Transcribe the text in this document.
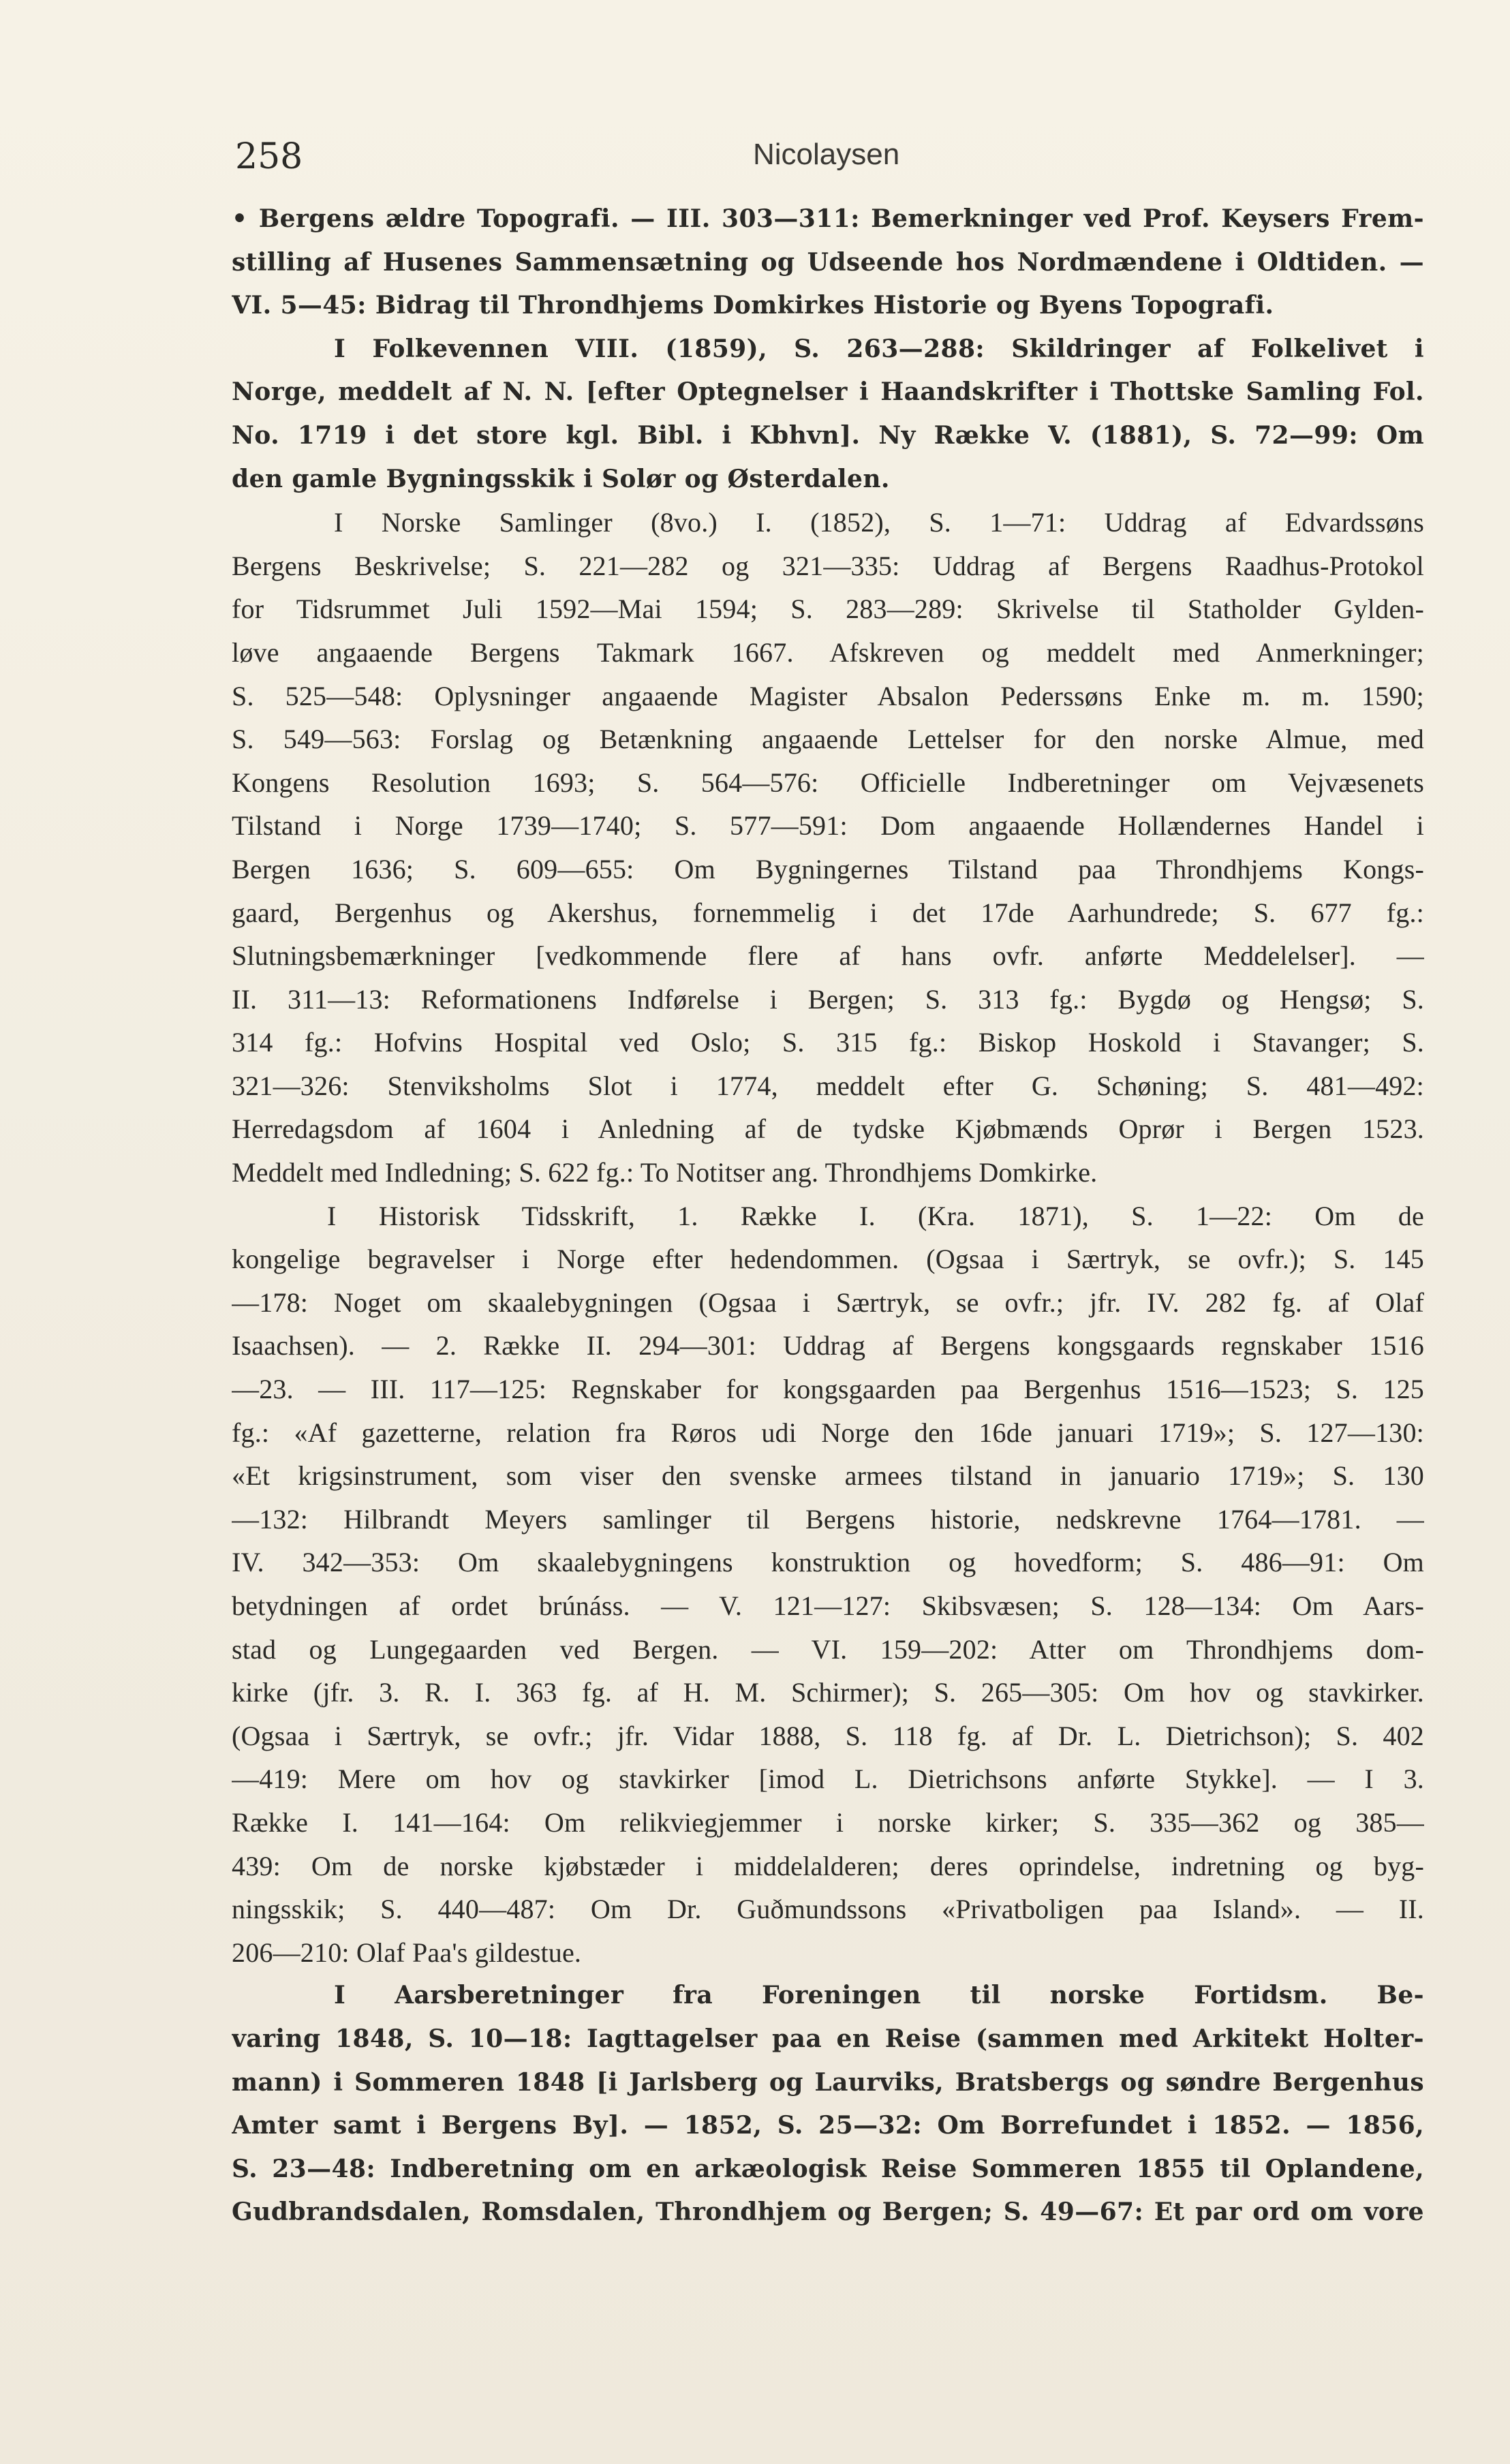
258	Nicolaysen
• Bergens ældre Topografi. — III. 303—311: Bemerkninger ved Prof. Keysers Frem-
stilling af Husenes Sammensætning og Udseende hos Nordmændene i Oldtiden. —
VI. 5—45: Bidrag til Throndhjems Domkirkes Historie og Byens Topografi.
I Folkevennen VIII. (1859), S. 263—288: Skildringer af Folkelivet i
Norge, meddelt af N. N. [efter Optegnelser i Haandskrifter i Thottske Samling Fol.
No. 1719 i det store kgl. Bibl. i Kbhvn]. Ny Række V. (1881), S. 72—99: Om
den gamle Bygningsskik i Solør og Østerdalen.
I Norske Samlinger (8vo.) I. (1852), S. 1—71: Uddrag af Edvardssøns
Bergens Beskrivelse; S. 221—282 og 321—335: Uddrag af Bergens Raadhus-Protokol
for Tidsrummet Juli 1592—Mai 1594; S. 283—289: Skrivelse til Statholder Gylden-
løve angaaende Bergens Takmark 1667. Afskreven og meddelt med Anmerkninger;
S. 525—548: Oplysninger angaaende Magister Absalon Pederssøns Enke m. m. 1590;
S. 549—563: Forslag og Betænkning angaaende Lettelser for den norske Almue, med
Kongens Resolution 1693; S. 564—576: Officielle Indberetninger om Vejvæsenets
Tilstand i Norge 1739—1740; S. 577—591: Dom angaaende Hollændernes Handel i
Bergen 1636; S. 609—655: Om Bygningernes Tilstand paa Throndhjems Kongs-
gaard, Bergenhus og Akershus, fornemmelig i det 17de Aarhundrede; S. 677 fg.:
Slutningsbemærkninger [vedkommende flere af hans ovfr. anførte Meddelelser]. —
II. 311—13: Reformationens Indførelse i Bergen; S. 313 fg.: Bygdø og Hengsø; S.
314 fg.: Hofvins Hospital ved Oslo; S. 315 fg.: Biskop Hoskold i Stavanger; S.
321—326: Stenviksholms Slot i 1774, meddelt efter G. Schøning; S. 481—492:
Herredagsdom af 1604 i Anledning af de tydske Kjøbmænds Oprør i Bergen 1523.
Meddelt med Indledning; S. 622 fg.: To Notitser ang. Throndhjems Domkirke.
I Historisk Tidsskrift, 1. Række I. (Kra. 1871), S. 1—22: Om de
kongelige begravelser i Norge efter hedendommen. (Ogsaa i Særtryk, se ovfr.); S. 145
—178: Noget om skaalebygningen (Ogsaa i Særtryk, se ovfr.; jfr. IV. 282 fg. af Olaf
Isaachsen). — 2. Række II. 294—301: Uddrag af Bergens kongsgaards regnskaber 1516
—23. — III. 117—125: Regnskaber for kongsgaarden paa Bergenhus 1516—1523; S. 125
fg.: «Af gazetterne, relation fra Røros udi Norge den 16de januari 1719»; S. 127—130:
«Et krigsinstrument, som viser den svenske armees tilstand in januario 1719»; S. 130
—132: Hilbrandt Meyers samlinger til Bergens historie, nedskrevne 1764—1781. —
IV. 342—353: Om skaalebygningens konstruktion og hovedform; S. 486—91: Om
betydningen af ordet brúnáss. — V. 121—127: Skibsvæsen; S. 128—134: Om Aars-
stad og Lungegaarden ved Bergen. — VI. 159—202: Atter om Throndhjems dom-
kirke (jfr. 3. R. I. 363 fg. af H. M. Schirmer); S. 265—305: Om hov og stavkirker.
(Ogsaa i Særtryk, se ovfr.; jfr. Vidar 1888, S. 118 fg. af Dr. L. Dietrichson); S. 402
—419: Mere om hov og stavkirker [imod L. Dietrichsons anførte Stykke]. — I 3.
Række I. 141—164: Om relikviegjemmer i norske kirker; S. 335—362 og 385—
439: Om de norske kjøbstæder i middelalderen; deres oprindelse, indretning og byg-
ningsskik; S. 440—487: Om Dr. Guðmundssons «Privatboligen paa Island». — II.
206—210: Olaf Paa's gildestue.
I Aarsberetninger fra Foreningen til norske Fortidsm. Be-
varing 1848, S. 10—18: Iagttagelser paa en Reise (sammen med Arkitekt Holter-
mann) i Sommeren 1848 [i Jarlsberg og Laurviks, Bratsbergs og søndre Bergenhus
Amter samt i Bergens By]. — 1852, S. 25—32: Om Borrefundet i 1852. — 1856,
S. 23—48: Indberetning om en arkæologisk Reise Sommeren 1855 til Oplandene,
Gudbrandsdalen, Romsdalen, Throndhjem og Bergen; S. 49—67: Et par ord om vore
